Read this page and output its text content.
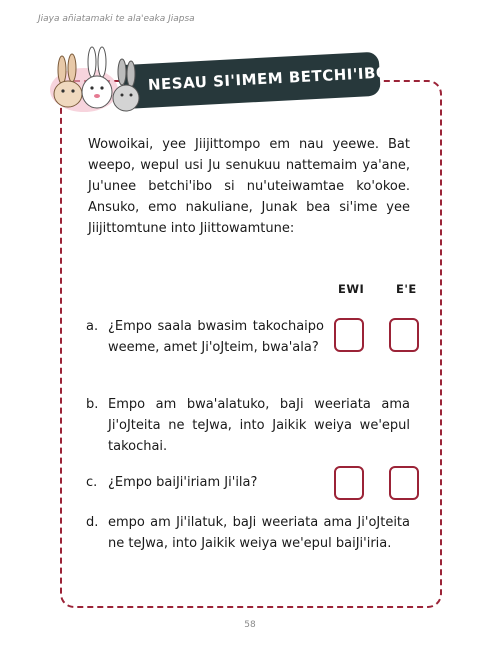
Jiaya añiatamaki te ala'eaka Jiapsa
NESAU SI'IMEM BETCHI'IBO
Wowoikai, yee Jiijittompo em nau yeewe. Bat weepo, wepul usi Ju senukuu nattemaim ya'ane, Ju'unee betchi'ibo si nu'uteiwamtae ko'okoe. Ansuko, emo nakuliane, Junak bea si'ime yee Jiijittomtune into Jiittowamtune:
EWI	E'E
a. ¿Empo saala bwasim takochaipo weeme, amet Ji'oJteim, bwa'ala?
b. Empo am bwa'alatuko, baJi weeriata ama Ji'oJteita ne teJwa, into Jaikik weiya we'epul takochai.
c. ¿Empo baiJi'iriam Ji'ila?
d. empo am Ji'ilatuk, baJi weeriata ama Ji'oJteita ne teJwa, into Jaikik weiya we'epul baiJi'iria.
58
